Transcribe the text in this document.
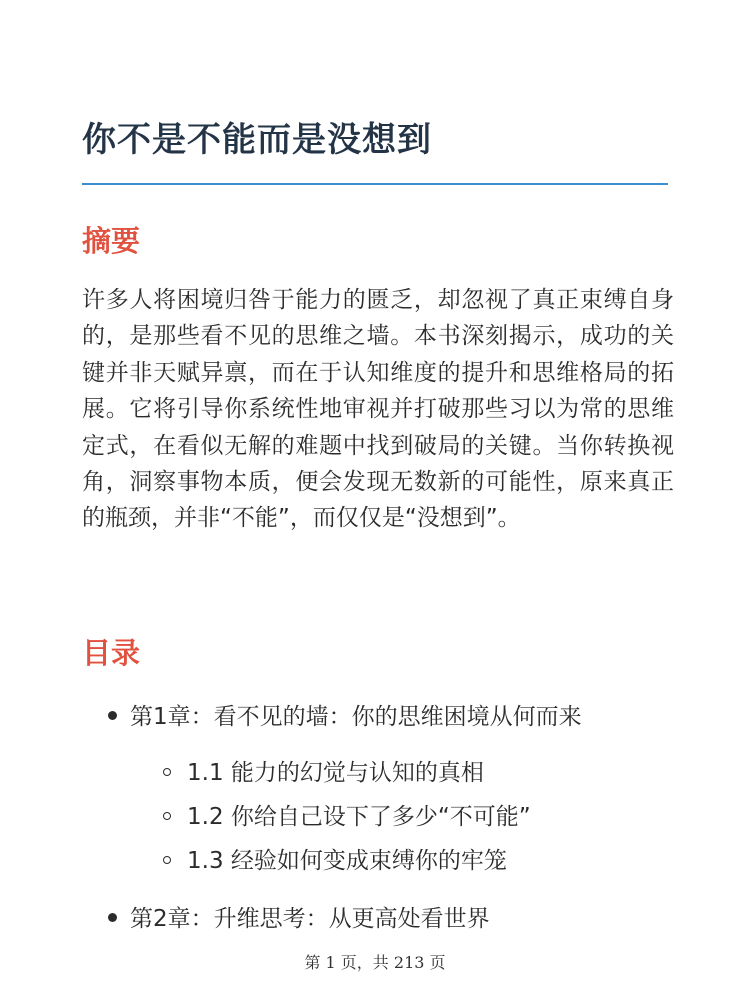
你不是不能而是没想到
摘要

许多人将困境归咎于能力的匮乏，却忽视了真正束缚自身的，是那些看不见的思维之墙。本书深刻揭示，成功的关键并非天赋异禀，而在于认知维度的提升和思维格局的拓展。它将引导你系统性地审视并打破那些习以为常的思维定式，在看似无解的难题中找到破局的关键。当你转换视角，洞察事物本质，便会发现无数新的可能性，原来真正的瓶颈，并非“不能”，而仅仅是“没想到”。

目录
第1章：看不见的墙：你的思维困境从何而来
1.1 能力的幻觉与认知的真相
1.2 你给自己设下了多少“不可能”
1.3 经验如何变成束缚你的牢笼
第2章：升维思考：从更高处看世界
第 1 页，共 213 页
